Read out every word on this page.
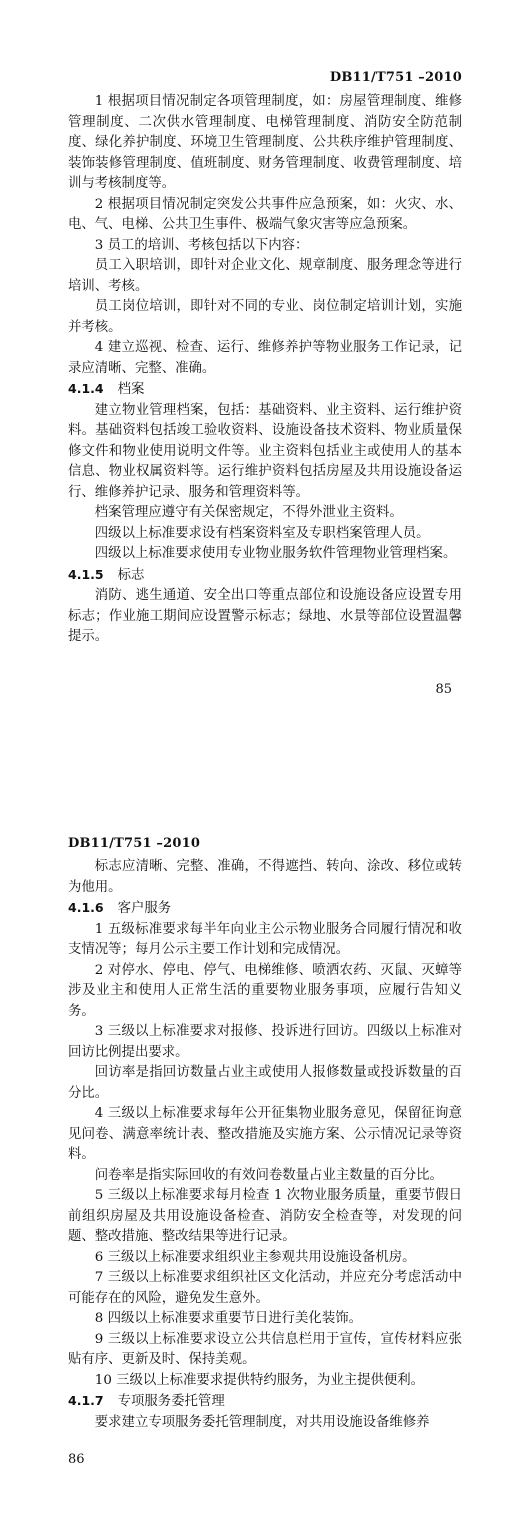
DB11/T751 –2010

1 根据项目情况制定各项管理制度，如：房屋管理制度、维修管理制度、二次供水管理制度、电梯管理制度、消防安全防范制度、绿化养护制度、环境卫生管理制度、公共秩序维护管理制度、装饰装修管理制度、值班制度、财务管理制度、收费管理制度、培训与考核制度等。

2 根据项目情况制定突发公共事件应急预案，如：火灾、水、电、气、电梯、公共卫生事件、极端气象灾害等应急预案。

3 员工的培训、考核包括以下内容：

员工入职培训，即针对企业文化、规章制度、服务理念等进行培训、考核。

员工岗位培训，即针对不同的专业、岗位制定培训计划，实施并考核。

4 建立巡视、检查、运行、维修养护等物业服务工作记录，记录应清晰、完整、准确。

4.1.4 档案

建立物业管理档案，包括：基础资料、业主资料、运行维护资料。基础资料包括竣工验收资料、设施设备技术资料、物业质量保修文件和物业使用说明文件等。业主资料包括业主或使用人的基本信息、物业权属资料等。运行维护资料包括房屋及共用设施设备运行、维修养护记录、服务和管理资料等。

档案管理应遵守有关保密规定，不得外泄业主资料。

四级以上标准要求设有档案资料室及专职档案管理人员。

四级以上标准要求使用专业物业服务软件管理物业管理档案。

4.1.5 标志

消防、逃生通道、安全出口等重点部位和设施设备应设置专用标志；作业施工期间应设置警示标志；绿地、水景等部位设置温馨提示。

85
DB11/T751 –2010

标志应清晰、完整、准确，不得遮挡、转向、涂改、移位或转为他用。

4.1.6 客户服务

1 五级标准要求每半年向业主公示物业服务合同履行情况和收支情况等；每月公示主要工作计划和完成情况。

2 对停水、停电、停气、电梯维修、喷洒农药、灭鼠、灭蟑等涉及业主和使用人正常生活的重要物业服务事项，应履行告知义务。

3 三级以上标准要求对报修、投诉进行回访。四级以上标准对回访比例提出要求。

回访率是指回访数量占业主或使用人报修数量或投诉数量的百分比。

4 三级以上标准要求每年公开征集物业服务意见，保留征询意见问卷、满意率统计表、整改措施及实施方案、公示情况记录等资料。

问卷率是指实际回收的有效问卷数量占业主数量的百分比。

5 三级以上标准要求每月检查 1 次物业服务质量，重要节假日前组织房屋及共用设施设备检查、消防安全检查等，对发现的问题、整改措施、整改结果等进行记录。

6 三级以上标准要求组织业主参观共用设施设备机房。

7 三级以上标准要求组织社区文化活动，并应充分考虑活动中可能存在的风险，避免发生意外。

8 四级以上标准要求重要节日进行美化装饰。

9 三级以上标准要求设立公共信息栏用于宣传，宣传材料应张贴有序、更新及时、保持美观。

10 三级以上标准要求提供特约服务，为业主提供便利。

4.1.7 专项服务委托管理

要求建立专项服务委托管理制度，对共用设施设备维修养

86
